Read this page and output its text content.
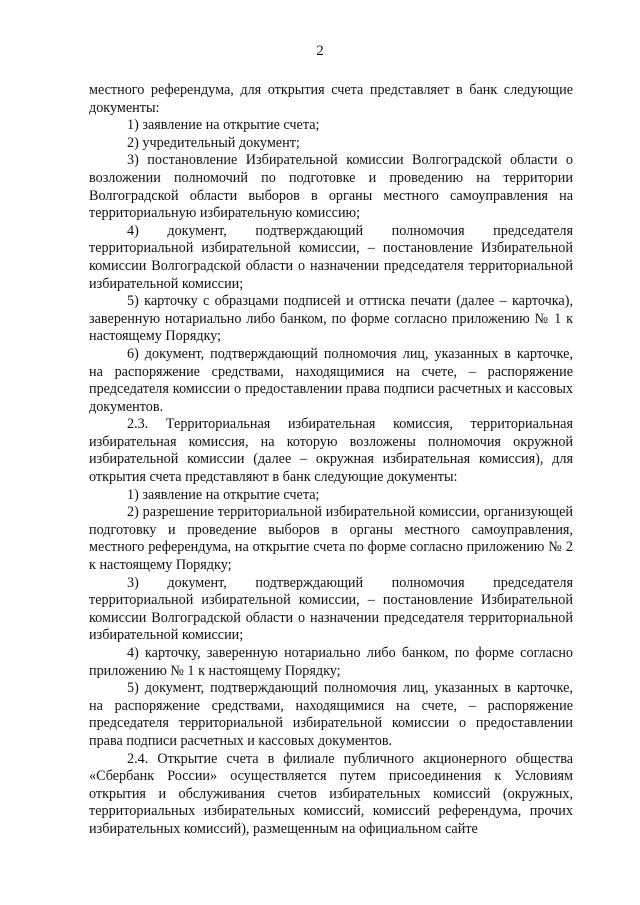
2

местного референдума, для открытия счета представляет в банк следующие документы:

1) заявление на открытие счета;

2) учредительный документ;

3) постановление Избирательной комиссии Волгоградской области о возложении полномочий по подготовке и проведению на территории Волгоградской области выборов в органы местного самоуправления на территориальную избирательную комиссию;

4) документ, подтверждающий полномочия председателя территориальной избирательной комиссии, – постановление Избирательной комиссии Волгоградской области о назначении председателя территориальной избирательной комиссии;

5) карточку с образцами подписей и оттиска печати (далее – карточка), заверенную нотариально либо банком, по форме согласно приложению № 1 к настоящему Порядку;

6) документ, подтверждающий полномочия лиц, указанных в карточке, на распоряжение средствами, находящимися на счете, – распоряжение председателя комиссии о предоставлении права подписи расчетных и кассовых документов.

2.3. Территориальная избирательная комиссия, территориальная избирательная комиссия, на которую возложены полномочия окружной избирательной комиссии (далее – окружная избирательная комиссия), для открытия счета представляют в банк следующие документы:

1) заявление на открытие счета;

2) разрешение территориальной избирательной комиссии, организующей подготовку и проведение выборов в органы местного самоуправления, местного референдума, на открытие счета по форме согласно приложению № 2 к настоящему Порядку;

3) документ, подтверждающий полномочия председателя территориальной избирательной комиссии, – постановление Избирательной комиссии Волгоградской области о назначении председателя территориальной избирательной комиссии;

4) карточку, заверенную нотариально либо банком, по форме согласно приложению № 1 к настоящему Порядку;

5) документ, подтверждающий полномочия лиц, указанных в карточке, на распоряжение средствами, находящимися на счете, – распоряжение председателя территориальной избирательной комиссии о предоставлении права подписи расчетных и кассовых документов.

2.4. Открытие счета в филиале публичного акционерного общества «Сбербанк России» осуществляется путем присоединения к Условиям открытия и обслуживания счетов избирательных комиссий (окружных, территориальных избирательных комиссий, комиссий референдума, прочих избирательных комиссий), размещенным на официальном сайте
